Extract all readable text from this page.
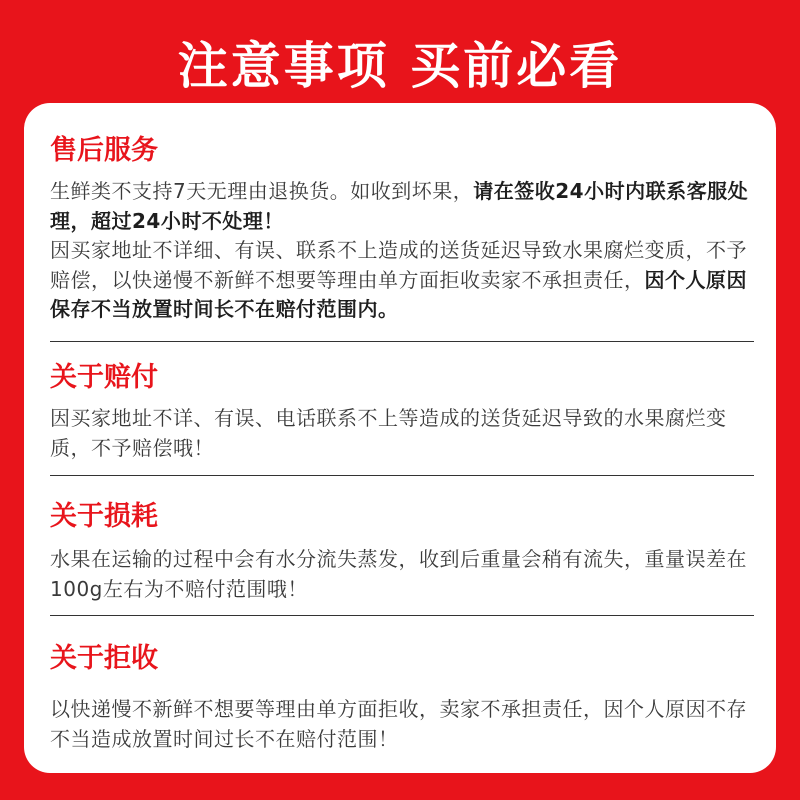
注意事项 买前必看
售后服务
生鲜类不支持7天无理由退换货。如收到坏果，请在签收24小时内联系客服处理，超过24小时不处理！
因买家地址不详细、有误、联系不上造成的送货延迟导致水果腐烂变质，不予赔偿，以快递慢不新鲜不想要等理由单方面拒收卖家不承担责任，因个人原因保存不当放置时间长不在赔付范围内。
关于赔付
因买家地址不详、有误、电话联系不上等造成的送货延迟导致的水果腐烂变质，不予赔偿哦！
关于损耗
水果在运输的过程中会有水分流失蒸发，收到后重量会稍有流失，重量误差在100g左右为不赔付范围哦！
关于拒收
以快递慢不新鲜不想要等理由单方面拒收，卖家不承担责任，因个人原因不存不当造成放置时间过长不在赔付范围！
